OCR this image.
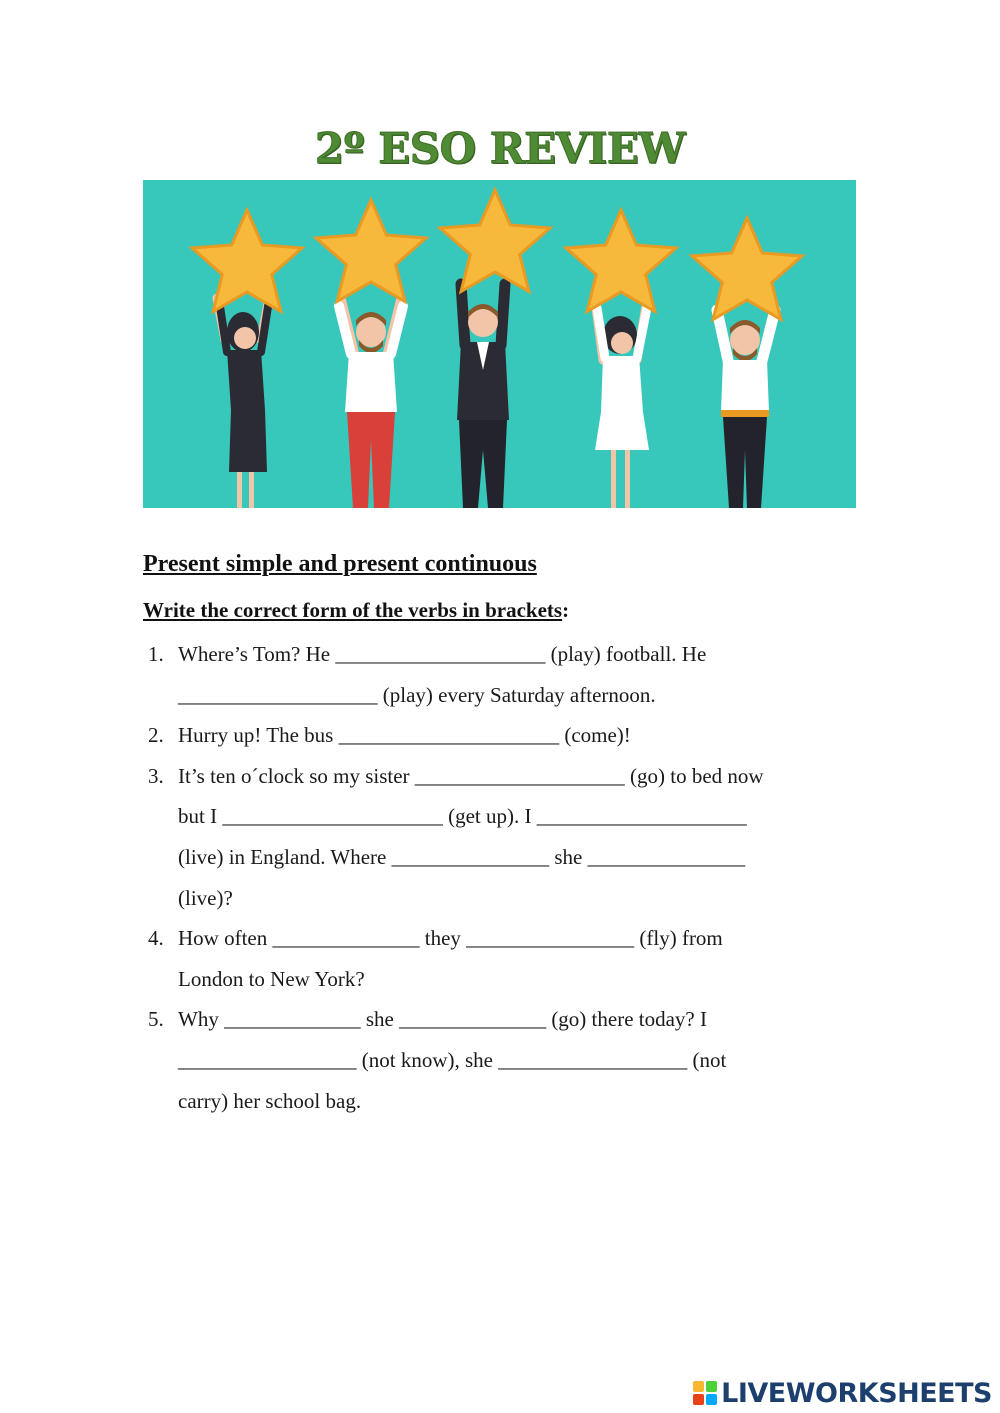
2º ESO REVIEW
Present simple and present continuous
Write the correct form of the verbs in brackets:
1. Where’s Tom? He ____________________ (play) football. He
___________________ (play) every Saturday afternoon.
2. Hurry up! The bus _____________________ (come)!
3. It’s ten o´clock so my sister ____________________ (go) to bed now
but I _____________________ (get up). I ____________________
(live) in England. Where _______________ she _______________
(live)?
4. How often ______________ they ________________ (fly) from
London to New York?
5. Why _____________ she ______________ (go) there today? I
_________________ (not know), she __________________ (not
carry) her school bag.
LIVEWORKSHEETS
